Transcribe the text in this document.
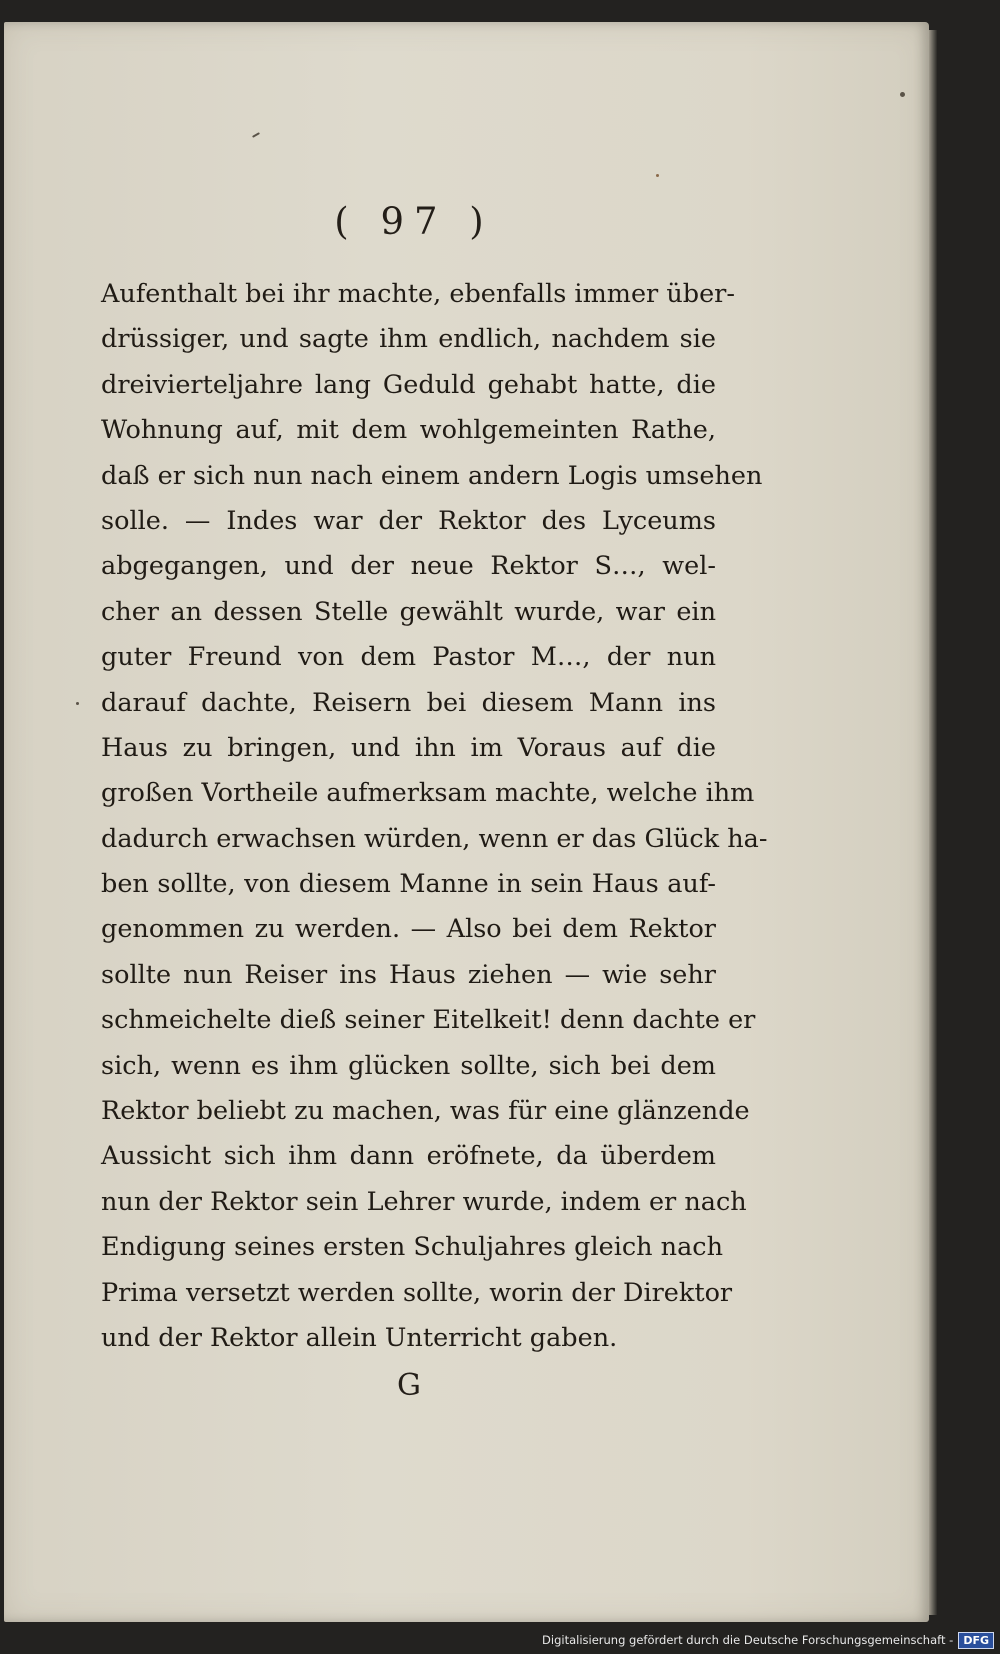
( 97 )
Aufenthalt bei ihr machte, ebenfalls immer über-
drüssiger, und sagte ihm endlich, nachdem sie
dreivierteljahre lang Geduld gehabt hatte, die
Wohnung auf, mit dem wohlgemeinten Rathe,
daß er sich nun nach einem andern Logis umsehen
solle. — Indes war der Rektor des Lyceums
abgegangen, und der neue Rektor S…, wel-
cher an dessen Stelle gewählt wurde, war ein
guter Freund von dem Pastor M…, der nun
darauf dachte, Reisern bei diesem Mann ins
Haus zu bringen, und ihn im Voraus auf die
großen Vortheile aufmerksam machte, welche ihm
dadurch erwachsen würden, wenn er das Glück ha-
ben sollte, von diesem Manne in sein Haus auf-
genommen zu werden. — Also bei dem Rektor
sollte nun Reiser ins Haus ziehen — wie sehr
schmeichelte dieß seiner Eitelkeit! denn dachte er
sich, wenn es ihm glücken sollte, sich bei dem
Rektor beliebt zu machen, was für eine glänzende
Aussicht sich ihm dann eröfnete, da überdem
nun der Rektor sein Lehrer wurde, indem er nach
Endigung seines ersten Schuljahres gleich nach
Prima versetzt werden sollte, worin der Direktor
und der Rektor allein Unterricht gaben.
G
Digitalisierung gefördert durch die Deutsche Forschungsgemeinschaft - DFG
